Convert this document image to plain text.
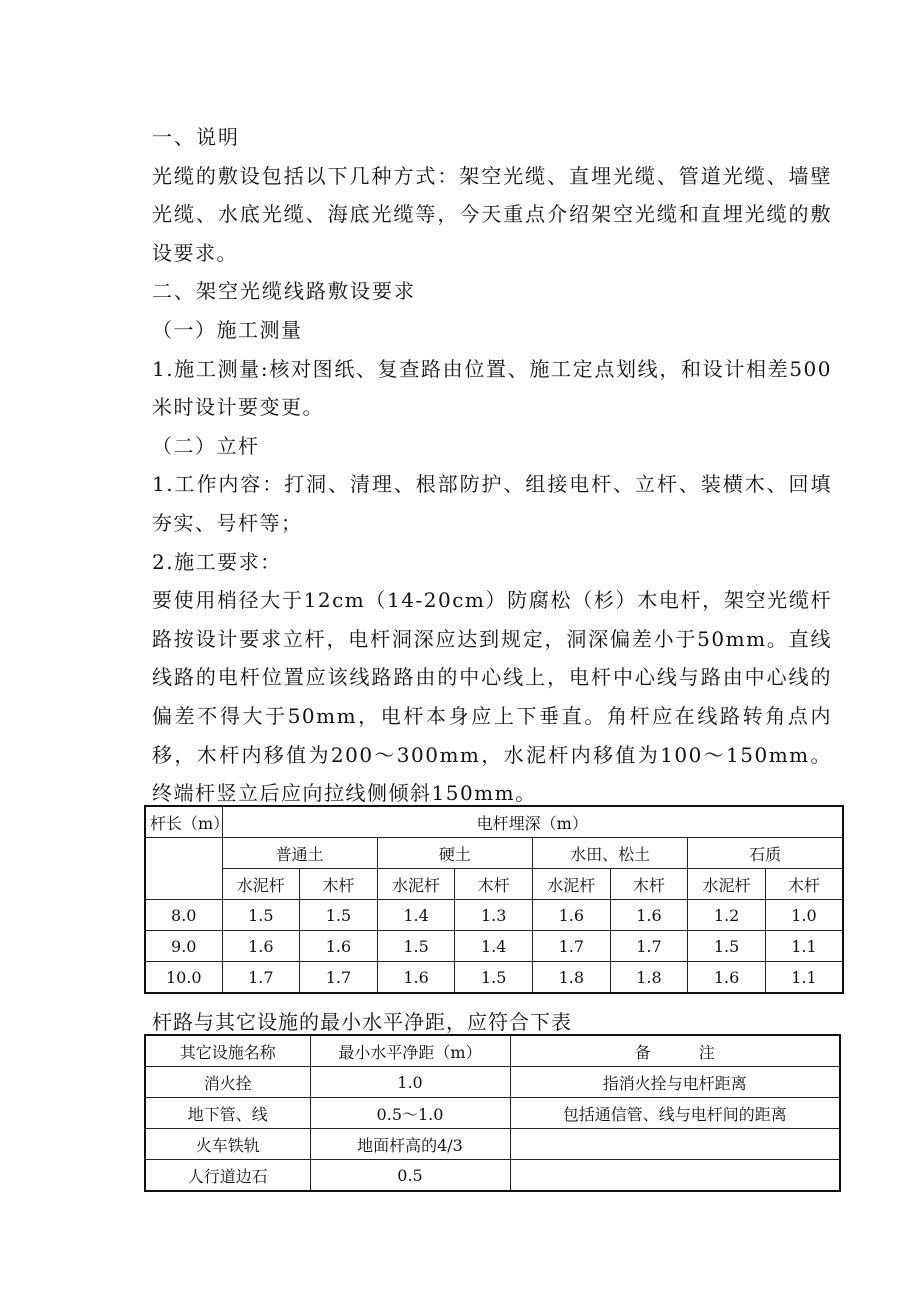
一、说明

光缆的敷设包括以下几种方式：架空光缆、直埋光缆、管道光缆、墙壁光缆、水底光缆、海底光缆等，今天重点介绍架空光缆和直埋光缆的敷设要求。

二、架空光缆线路敷设要求

（一）施工测量

1.施工测量:核对图纸、复查路由位置、施工定点划线，和设计相差500米时设计要变更。

（二）立杆

1.工作内容：打洞、清理、根部防护、组接电杆、立杆、装横木、回填夯实、号杆等；

2.施工要求：

要使用梢径大于12cm（14-20cm）防腐松（杉）木电杆，架空光缆杆路按设计要求立杆，电杆洞深应达到规定，洞深偏差小于50mm。直线线路的电杆位置应该线路路由的中心线上，电杆中心线与路由中心线的偏差不得大于50mm，电杆本身应上下垂直。角杆应在线路转角点内移，木杆内移值为200～300mm，水泥杆内移值为100～150mm。终端杆竖立后应向拉线侧倾斜150mm。

杆长（m）	电杆埋深（m）							
	普通土		硬土		水田、松土		石质	
	水泥杆	木杆	水泥杆	木杆	水泥杆	木杆	水泥杆	木杆
8.0	1.5	1.5	1.4	1.3	1.6	1.6	1.2	1.0
9.0	1.6	1.6	1.5	1.4	1.7	1.7	1.5	1.1
10.0	1.7	1.7	1.6	1.5	1.8	1.8	1.6	1.1
杆路与其它设施的最小水平净距，应符合下表
其它设施名称	最小水平净距（m）	备　　　注
消火拴	1.0	指消火拴与电杆距离
地下管、线	0.5～1.0	包括通信管、线与电杆间的距离
火车铁轨	地面杆高的4/3	
人行道边石	0.5	
